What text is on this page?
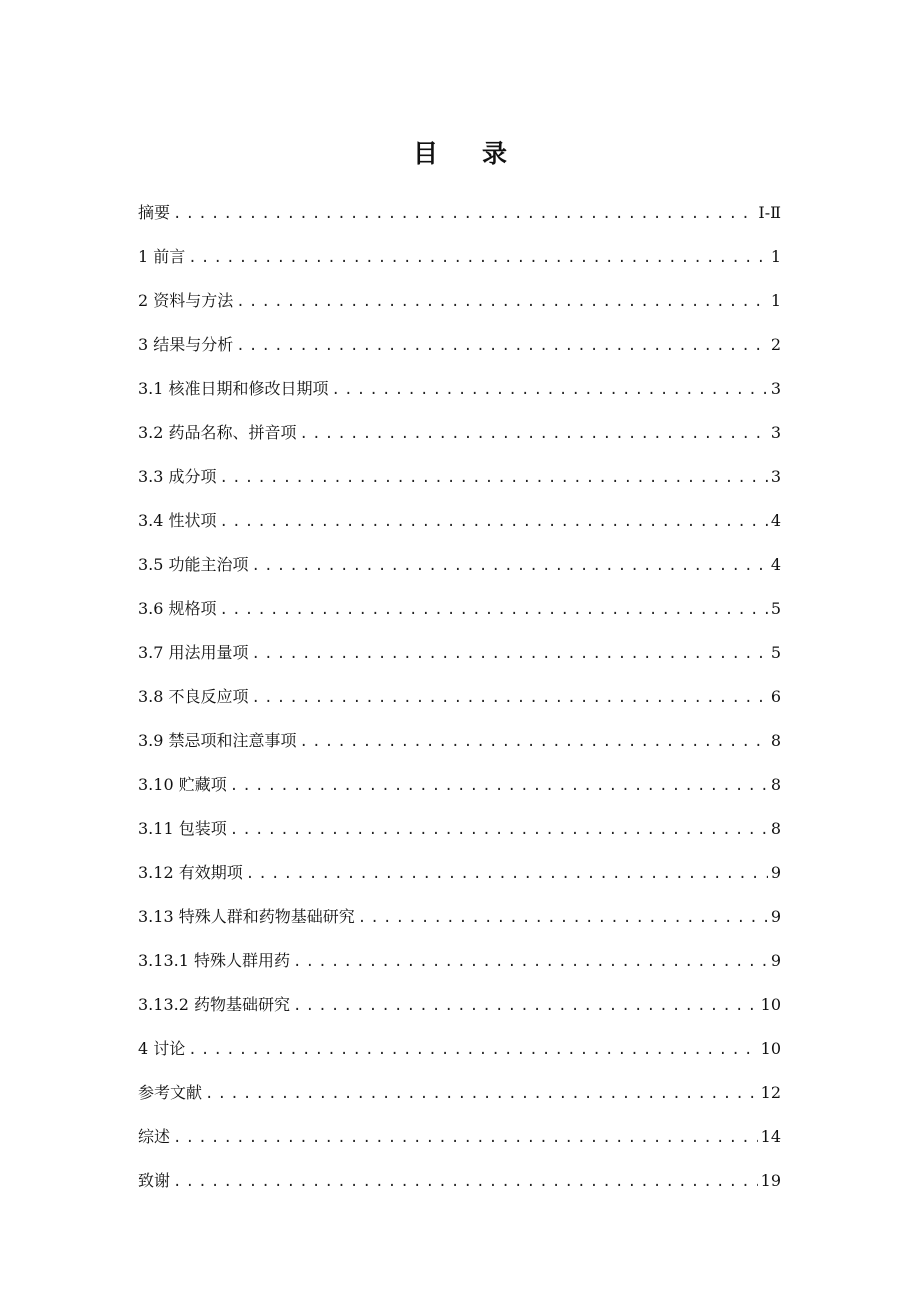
目 录
摘要 .....	Ⅰ-Ⅱ
1 前言 .....	1
2 资料与方法 .....	1
3 结果与分析 .....	2
3.1 核准日期和修改日期项 .....	3
3.2 药品名称、拼音项 .....	3
3.3 成分项 .....	3
3.4 性状项 .....	4
3.5 功能主治项 .....	4
3.6 规格项 .....	5
3.7 用法用量项 .....	5
3.8 不良反应项 .....	6
3.9 禁忌项和注意事项 .....	8
3.10 贮藏项 .....	8
3.11 包装项 .....	8
3.12 有效期项 .....	9
3.13 特殊人群和药物基础研究 .....	9
3.13.1 特殊人群用药 .....	9
3.13.2 药物基础研究 .....	10
4 讨论 .....	10
参考文献 .....	12
综述 .....	14
致谢 .....	19
